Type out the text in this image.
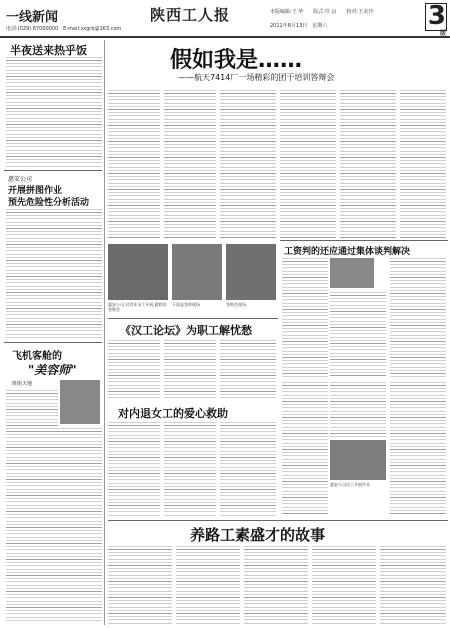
一线新闻	陕西工人报
电话:(029) 87000000　E-mail:sxgrb@163.com
本版编辑:王 华　　版式:任 良　　校对:王美玲
2011年8月13日　星期六	3
版
半夜送来热乎饭
惠安公司
开展拼图作业
预先危险性分析活动
飞机客舱的
"美容师"
班组天地
假如我是……
——航天7414厂一场精彩的团干培训答辩会
工资判的还应通过集体谈判解决
惠安公司,对青年员工开展,精彩的答辩会
下面是答辩现场	答辩会现场
《汉工论坛》为职工解忧愁
对内退女工的爱心救助
惠安公司员工开展作业
养路工素盛才的故事
